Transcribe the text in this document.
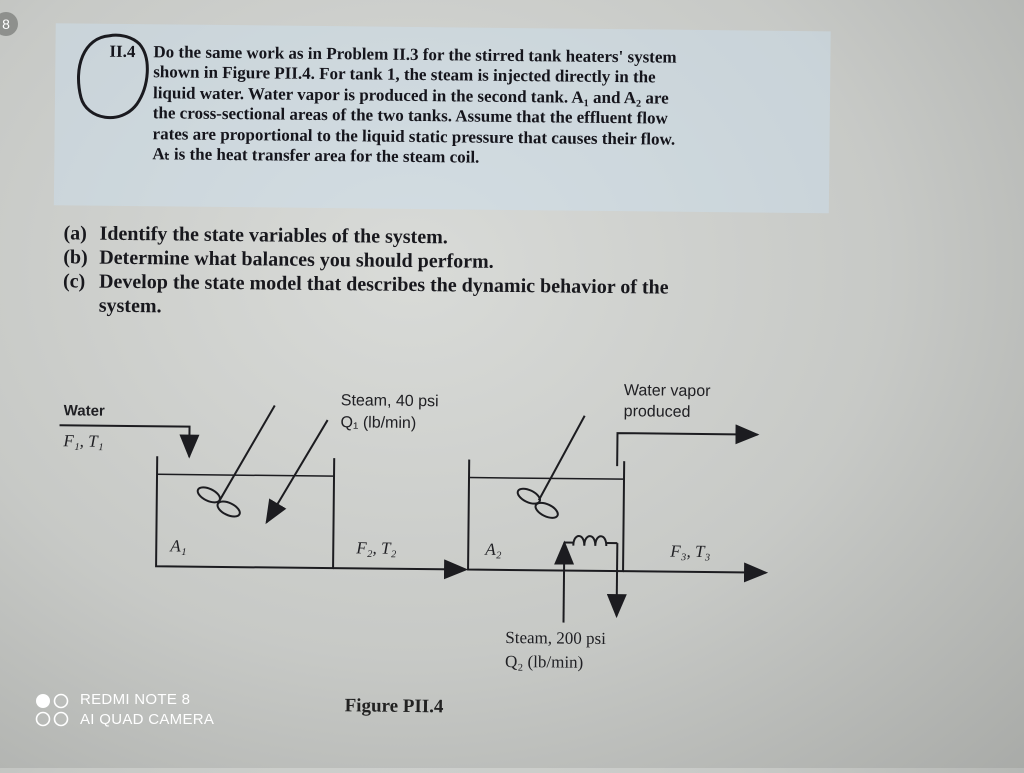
8
II.4 Do the same work as in Problem II.3 for the stirred tank heaters' system
shown in Figure PII.4. For tank 1, the steam is injected directly in the
liquid water. Water vapor is produced in the second tank. A₁ and A₂ are
the cross-sectional areas of the two tanks. Assume that the effluent flow
rates are proportional to the liquid static pressure that causes their flow.
Aₜ is the heat transfer area for the steam coil.
(a) Identify the state variables of the system.
(b) Determine what balances you should perform.
(c) Develop the state model that describes the dynamic behavior of the
system.
Water
F₁, T₁
Steam, 40 psi
Q₁ (lb/min)
Water vapor
produced
A₁	F₂, T₂	A₂	F₃, T₃
Steam, 200 psi
Q₂ (lb/min)
Figure PII.4
REDMI NOTE 8
AI QUAD CAMERA
